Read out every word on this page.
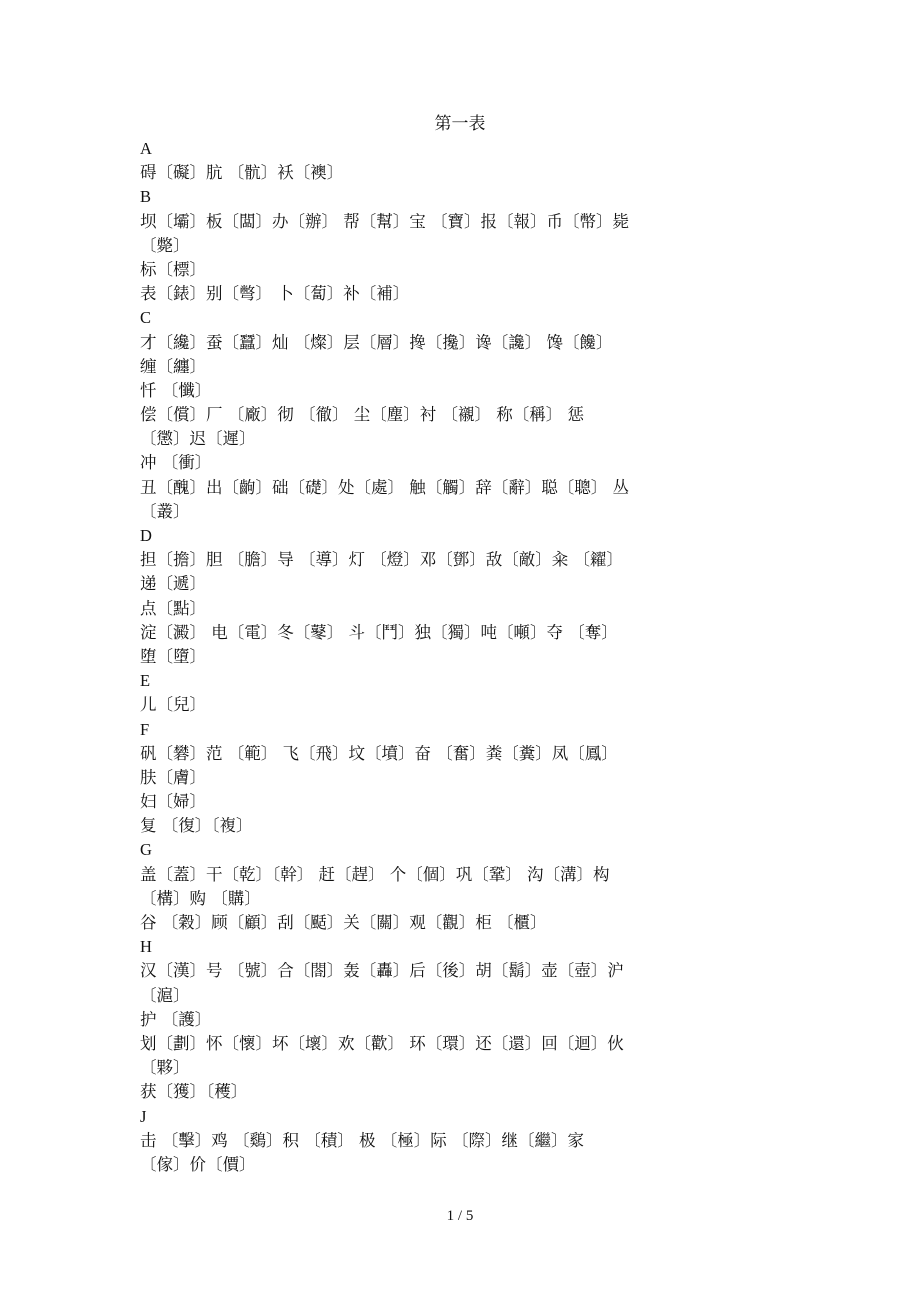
第一表
A
碍〔礙〕肮 〔骯〕袄〔襖〕
B
坝〔壩〕板〔闆〕办〔辦〕 帮〔幫〕宝 〔寶〕报〔報〕币〔幣〕毙
〔斃〕
标〔標〕
表〔錶〕别〔彆〕 卜〔蔔〕补〔補〕
C
才〔纔〕蚕〔蠶〕灿 〔燦〕层〔層〕搀〔攙〕谗〔讒〕 馋〔饞〕
缠〔纏〕
忏 〔懺〕
偿〔償〕厂 〔廠〕彻 〔徹〕 尘〔塵〕衬 〔襯〕 称〔稱〕 惩
〔懲〕迟〔遲〕
冲 〔衝〕
丑〔醜〕出〔齣〕础〔礎〕处〔處〕 触〔觸〕辞〔辭〕聪〔聰〕 丛
〔叢〕
D
担〔擔〕胆 〔膽〕导 〔導〕灯 〔燈〕邓〔鄧〕敌〔敵〕籴 〔糴〕
递〔遞〕
点〔點〕
淀〔澱〕 电〔電〕冬〔鼕〕 斗〔鬥〕独〔獨〕吨〔噸〕夺 〔奪〕
堕〔墮〕
E
儿〔兒〕
F
矾〔礬〕范 〔範〕 飞〔飛〕坟〔墳〕奋 〔奮〕粪〔糞〕凤〔鳳〕
肤〔膚〕
妇〔婦〕
复 〔復〕〔複〕
G
盖〔蓋〕干〔乾〕〔幹〕 赶〔趕〕 个〔個〕巩〔鞏〕 沟〔溝〕构
〔構〕购 〔購〕
谷 〔穀〕顾〔顧〕刮〔颳〕关〔關〕观〔觀〕柜 〔櫃〕
H
汉〔漢〕号 〔號〕合〔閤〕轰〔轟〕后〔後〕胡〔鬍〕壶〔壺〕沪
〔滬〕
护 〔護〕
划〔劃〕怀〔懷〕坏〔壞〕欢〔歡〕 环〔環〕还〔還〕回〔迴〕伙
〔夥〕
获〔獲〕〔穫〕
J
击 〔擊〕鸡 〔鷄〕积 〔積〕 极 〔極〕际 〔際〕继〔繼〕家
〔傢〕价〔價〕
1 / 5
